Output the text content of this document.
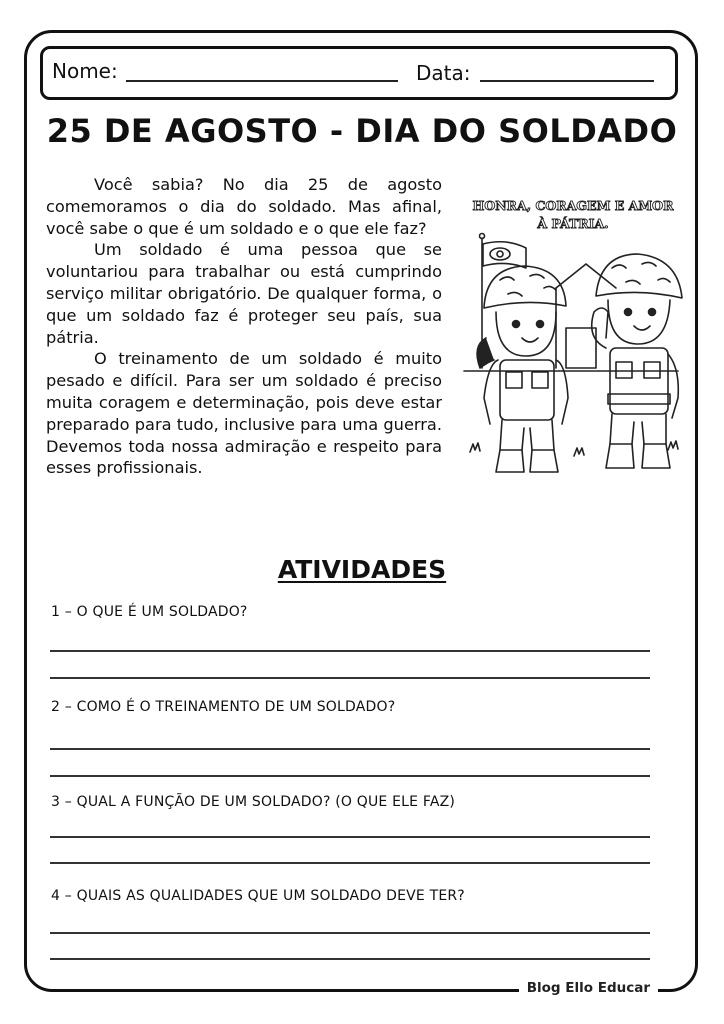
Nome:	Data:
25 DE AGOSTO - DIA DO SOLDADO

Você sabia? No dia 25 de agosto comemoramos o dia do soldado. Mas afinal, você sabe o que é um soldado e o que ele faz?

Um soldado é uma pessoa que se voluntariou para trabalhar ou está cumprindo serviço militar obrigatório. De qualquer forma, o que um soldado faz é proteger seu país, sua pátria.

O treinamento de um soldado é muito pesado e difícil. Para ser um soldado é preciso muita coragem e determinação, pois deve estar preparado para tudo, inclusive para uma guerra. Devemos toda nossa admiração e respeito para esses profissionais.

HONRA, CORAGEM E AMOR
À PÁTRIA.
ATIVIDADES
1 – O QUE É UM SOLDADO?
2 – COMO É O TREINAMENTO DE UM SOLDADO?
3 – QUAL A FUNÇÃO DE UM SOLDADO? (O QUE ELE FAZ)
4 – QUAIS AS QUALIDADES QUE UM SOLDADO DEVE TER?
Blog Ello Educar
